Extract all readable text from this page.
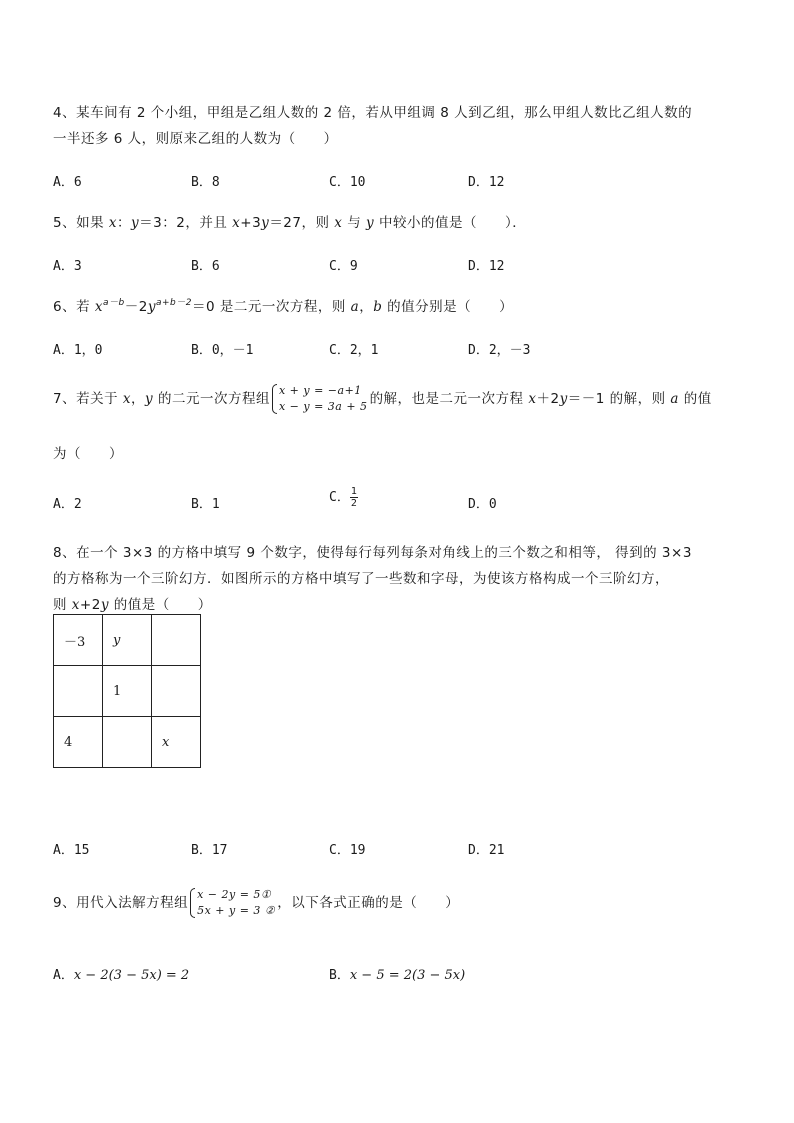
4、某车间有 2 个小组，甲组是乙组人数的 2 倍，若从甲组调 8 人到乙组，那么甲组人数比乙组人数的
一半还多 6 人，则原来乙组的人数为（　　）
A．6	B．8	C．10	D．12
5、如果 x：y＝3：2，并且 x+3y＝27，则 x 与 y 中较小的值是（　　）．
A．3	B．6	C．9	D．12
6、若 $x^{a-b}-2y^{a+b-2}=0$ 是二元一次方程，则 a，b 的值分别是（　　）
A．1，0	B．0，－1	C．2，1	D．2，－3
7、若关于 x，y 的二元一次方程组
x + y = −a+1
x − y = 3a + 5 的解，也是二元一次方程 x＋2y＝－1 的解，则 a 的值
为（　　）
A．2	B．1	C． $\frac{1}{2}$	D．0
8、在一个 3×3 的方格中填写 9 个数字，使得每行每列每条对角线上的三个数之和相等， 得到的 3×3
的方格称为一个三阶幻方．如图所示的方格中填写了一些数和字母，为使该方格构成一个三阶幻方，
则 x+2y 的值是（　　）
－3	y	
	1	
4		x
A．15	B．17	C．19	D．21
9、用代入法解方程组
x − 2y = 5①
5x + y = 3 ② ，以下各式正确的是（　　）
A．x − 2(3 − 5x) = 2	B．x − 5 = 2(3 − 5x)
